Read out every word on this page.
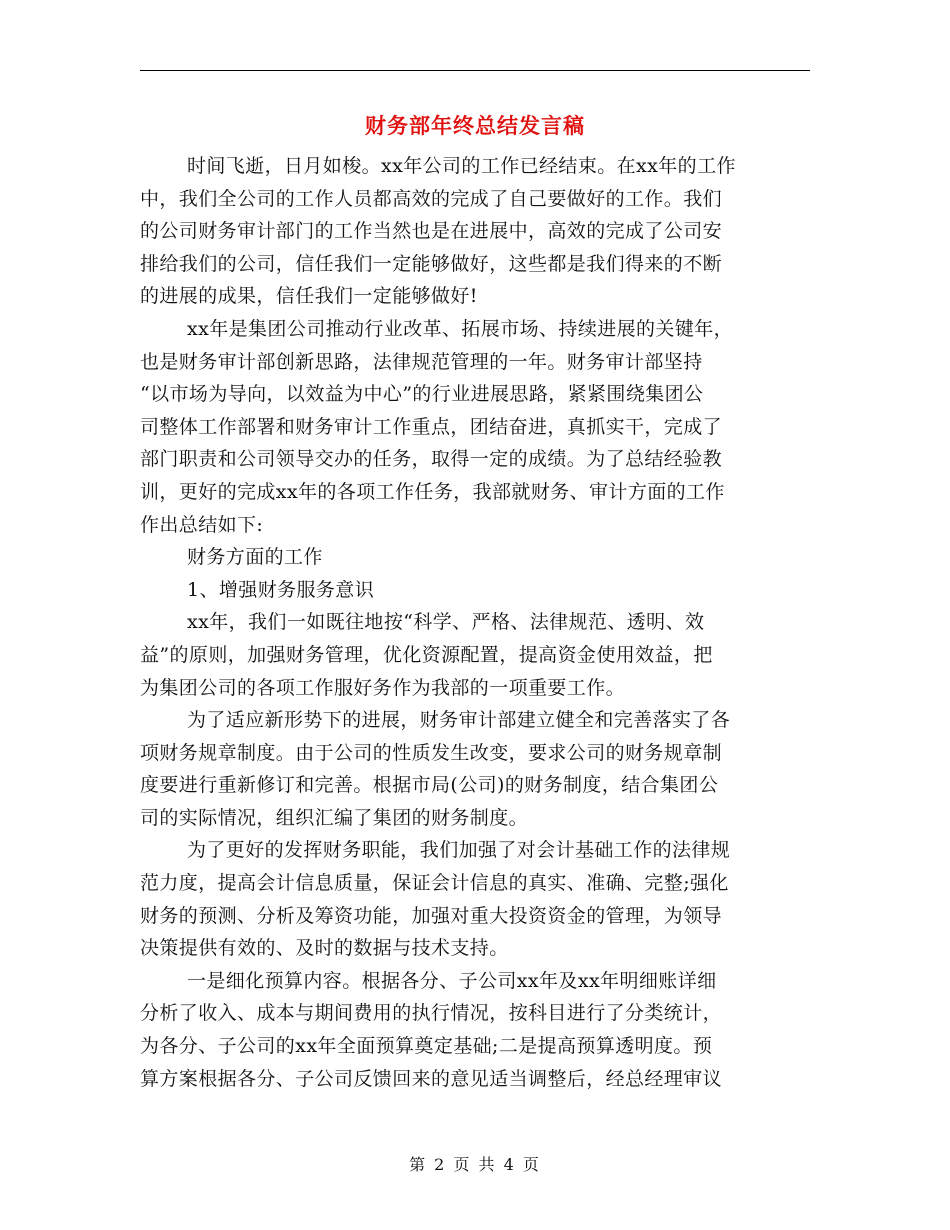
财务部年终总结发言稿
时间飞逝，日月如梭。xx年公司的工作已经结束。在xx年的工作
中，我们全公司的工作人员都高效的完成了自己要做好的工作。我们
的公司财务审计部门的工作当然也是在进展中，高效的完成了公司安
排给我们的公司，信任我们一定能够做好，这些都是我们得来的不断
的进展的成果，信任我们一定能够做好!
xx年是集团公司推动行业改革、拓展市场、持续进展的关键年，
也是财务审计部创新思路，法律规范管理的一年。财务审计部坚持
“以市场为导向，以效益为中心”的行业进展思路，紧紧围绕集团公
司整体工作部署和财务审计工作重点，团结奋进，真抓实干，完成了
部门职责和公司领导交办的任务，取得一定的成绩。为了总结经验教
训，更好的完成xx年的各项工作任务，我部就财务、审计方面的工作
作出总结如下:
财务方面的工作
1、增强财务服务意识
xx年，我们一如既往地按“科学、严格、法律规范、透明、效
益”的原则，加强财务管理，优化资源配置，提高资金使用效益，把
为集团公司的各项工作服好务作为我部的一项重要工作。
为了适应新形势下的进展，财务审计部建立健全和完善落实了各
项财务规章制度。由于公司的性质发生改变，要求公司的财务规章制
度要进行重新修订和完善。根据市局(公司)的财务制度，结合集团公
司的实际情况，组织汇编了集团的财务制度。
为了更好的发挥财务职能，我们加强了对会计基础工作的法律规
范力度，提高会计信息质量，保证会计信息的真实、准确、完整;强化
财务的预测、分析及筹资功能，加强对重大投资资金的管理，为领导
决策提供有效的、及时的数据与技术支持。
一是细化预算内容。根据各分、子公司xx年及xx年明细账详细
分析了收入、成本与期间费用的执行情况，按科目进行了分类统计，
为各分、子公司的xx年全面预算奠定基础;二是提高预算透明度。预
算方案根据各分、子公司反馈回来的意见适当调整后，经总经理审议
第 2 页 共 4 页
